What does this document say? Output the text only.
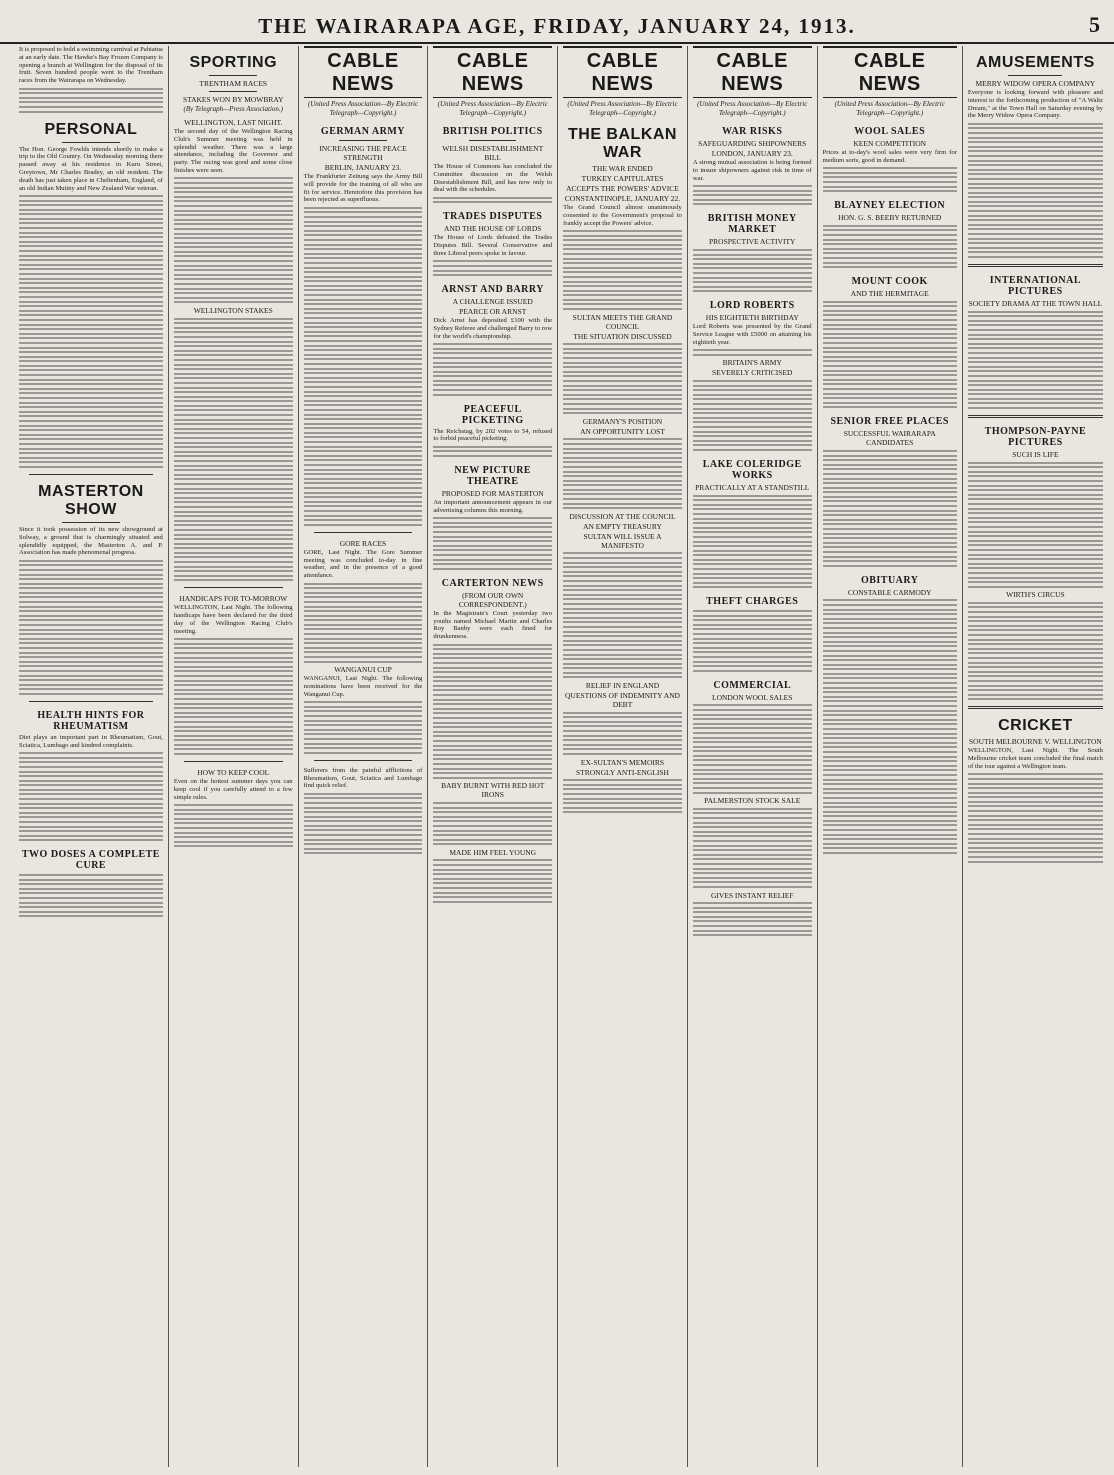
THE WAIRARAPA AGE, FRIDAY, JANUARY 24, 1913.	5
It is proposed to hold a swimming carnival at Pahiatua at an early date. The Hawke's Bay Frozen Company is opening a branch at Wellington for the disposal of its fruit. Seven hundred people went to the Trentham races from the Wairarapa on Wednesday.
PERSONAL
The Hon. George Fowlds intends shortly to make a trip to the Old Country. On Wednesday morning there passed away at his residence in Kuru Street, Greytown, Mr Charles Bradey, an old resident. The death has just taken place in Cheltenham, England, of an old Indian Mutiny and New Zealand War veteran.
MASTERTON SHOW
Since it took possession of its new showground at Solway, a ground that is charmingly situated and splendidly equipped, the Masterton A. and P. Association has made phenomenal progress.
HEALTH HINTS FOR RHEUMATISM
Diet plays an important part in Rheumatism, Gout, Sciatica, Lumbago and kindred complaints.
TWO DOSES A COMPLETE CURE
SPORTING
TRENTHAM RACES
STAKES WON BY MOWBRAY
(By Telegraph—Press Association.)
WELLINGTON, LAST NIGHT.
The second day of the Wellington Racing Club's Summer meeting was held in splendid weather. There was a large attendance, including the Governor and party. The racing was good and some close finishes were seen.
WELLINGTON STAKES
HANDICAPS FOR TO-MORROW
WELLINGTON, Last Night. The following handicaps have been declared for the third day of the Wellington Racing Club's meeting.
HOW TO KEEP COOL
Even on the hottest summer days you can keep cool if you carefully attend to a few simple rules.
CABLE NEWS
(United Press Association—By Electric Telegraph—Copyright.)
GERMAN ARMY
INCREASING THE PEACE STRENGTH
BERLIN, JANUARY 23.
The Frankfurter Zeitung says the Army Bill will provide for the training of all who are fit for service. Heretofore this provision has been rejected as superfluous.
GORE RACES
GORE, Last Night. The Gore Summer meeting was concluded to-day in fine weather, and in the presence of a good attendance.
WANGANUI CUP
WANGANUI, Last Night. The following nominations have been received for the Wanganui Cup.
Sufferers from the painful afflictions of Rheumatism, Gout, Sciatica and Lumbago find quick relief.
CABLE NEWS
(United Press Association—By Electric Telegraph—Copyright.)
BRITISH POLITICS
WELSH DISESTABLISHMENT BILL
The House of Commons has concluded the Committee discussion on the Welsh Disestablishment Bill, and has now only to deal with the schedules.
TRADES DISPUTES
AND THE HOUSE OF LORDS
The House of Lords defeated the Trades Disputes Bill. Several Conservative and three Liberal peers spoke in favour.
ARNST AND BARRY
A CHALLENGE ISSUED
PEARCE OR ARNST
Dick Arnst has deposited £100 with the Sydney Referee and challenged Barry to row for the world's championship.
PEACEFUL PICKETING
The Reichstag, by 202 votes to 54, refused to forbid peaceful picketing.
NEW PICTURE THEATRE
PROPOSED FOR MASTERTON
An important announcement appears in our advertising columns this morning.
CARTERTON NEWS
(FROM OUR OWN CORRESPONDENT.)
In the Magistrate's Court yesterday two youths named Michael Martin and Charles Roy Banby were each fined for drunkenness.
BABY BURNT WITH RED HOT IRONS
MADE HIM FEEL YOUNG
CABLE NEWS
(United Press Association—By Electric Telegraph—Copyright.)
THE BALKAN WAR
THE WAR ENDED
TURKEY CAPITULATES
ACCEPTS THE POWERS' ADVICE
CONSTANTINOPLE, JANUARY 22.
The Grand Council almost unanimously consented to the Government's proposal to frankly accept the Powers' advice.
SULTAN MEETS THE GRAND COUNCIL
THE SITUATION DISCUSSED
GERMANY'S POSITION
AN OPPORTUNITY LOST
DISCUSSION AT THE COUNCIL
AN EMPTY TREASURY
SULTAN WILL ISSUE A MANIFESTO
RELIEF IN ENGLAND
QUESTIONS OF INDEMNITY AND DEBT
EX-SULTAN'S MEMOIRS
STRONGLY ANTI-ENGLISH
CABLE NEWS
(United Press Association—By Electric Telegraph—Copyright.)
WAR RISKS
SAFEGUARDING SHIPOWNERS
LONDON, JANUARY 23.
A strong mutual association is being formed to insure shipowners against risk in time of war.
BRITISH MONEY MARKET
PROSPECTIVE ACTIVITY
LORD ROBERTS
HIS EIGHTIETH BIRTHDAY
Lord Roberts was presented by the Grand Service League with £5000 on attaining his eightieth year.
BRITAIN'S ARMY
SEVERELY CRITICISED
LAKE COLERIDGE WORKS
PRACTICALLY AT A STANDSTILL
THEFT CHARGES
COMMERCIAL
LONDON WOOL SALES
PALMERSTON STOCK SALE
GIVES INSTANT RELIEF
CABLE NEWS
(United Press Association—By Electric Telegraph—Copyright.)
WOOL SALES
KEEN COMPETITION
Prices at to-day's wool sales were very firm for medium sorts, good in demand.
BLAYNEY ELECTION
HON. G. S. BEEBY RETURNED
MOUNT COOK
AND THE HERMITAGE
SENIOR FREE PLACES
SUCCESSFUL WAIRARAPA CANDIDATES
OBITUARY
CONSTABLE CARMODY
AMUSEMENTS
MERRY WIDOW OPERA COMPANY
Everyone is looking forward with pleasure and interest to the forthcoming production of "A Waltz Dream," at the Town Hall on Saturday evening by the Merry Widow Opera Company.
INTERNATIONAL PICTURES
SOCIETY DRAMA AT THE TOWN HALL
THOMPSON-PAYNE PICTURES
SUCH IS LIFE
WIRTH'S CIRCUS
CRICKET
SOUTH MELBOURNE V. WELLINGTON
WELLINGTON, Last Night. The South Melbourne cricket team concluded the final match of the tour against a Wellington team.
